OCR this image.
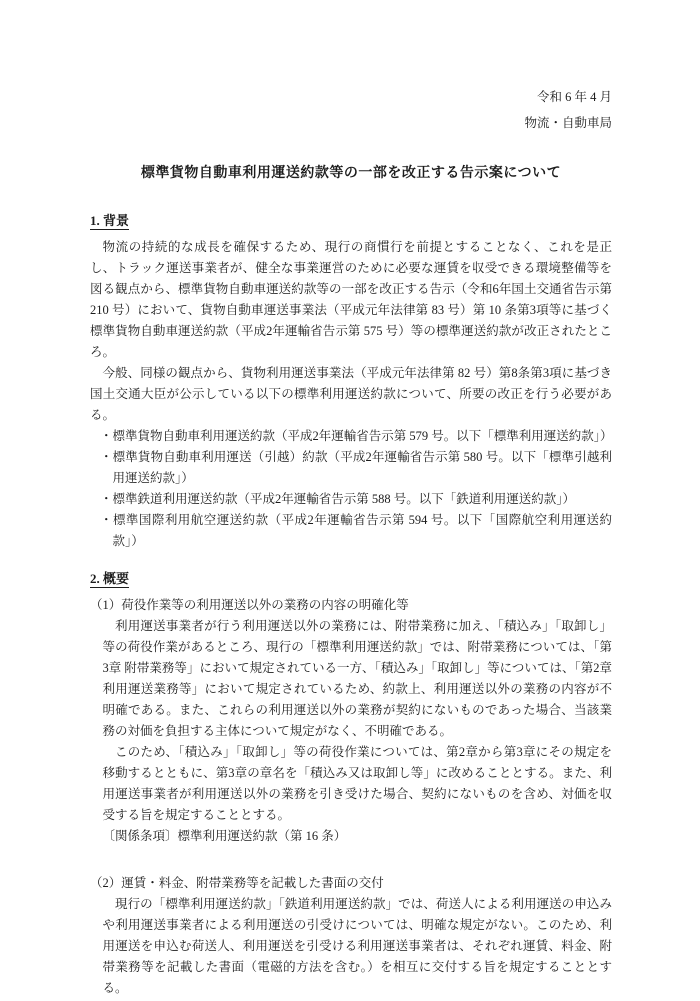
令和 6 年 4 月
物流・自動車局
標準貨物自動車利用運送約款等の一部を改正する告示案について
1. 背景

物流の持続的な成長を確保するため、現行の商慣行を前提とすることなく、これを是正し、トラック運送事業者が、健全な事業運営のために必要な運賃を収受できる環境整備等を図る観点から、標準貨物自動車運送約款等の一部を改正する告示（令和6年国土交通省告示第 210 号）において、貨物自動車運送事業法（平成元年法律第 83 号）第 10 条第3項等に基づく標準貨物自動車運送約款（平成2年運輸省告示第 575 号）等の標準運送約款が改正されたところ。

今般、同様の観点から、貨物利用運送事業法（平成元年法律第 82 号）第8条第3項に基づき国土交通大臣が公示している以下の標準利用運送約款について、所要の改正を行う必要がある。

・標準貨物自動車利用運送約款（平成2年運輸省告示第 579 号。以下「標準利用運送約款」）
・標準貨物自動車利用運送（引越）約款（平成2年運輸省告示第 580 号。以下「標準引越利用運送約款」）
・標準鉄道利用運送約款（平成2年運輸省告示第 588 号。以下「鉄道利用運送約款」）
・標準国際利用航空運送約款（平成2年運輸省告示第 594 号。以下「国際航空利用運送約款」）
2. 概要
（1）荷役作業等の利用運送以外の業務の内容の明確化等

利用運送事業者が行う利用運送以外の業務には、附帯業務に加え、「積込み」「取卸し」等の荷役作業があるところ、現行の「標準利用運送約款」では、附帯業務については、「第3章 附帯業務等」において規定されている一方、「積込み」「取卸し」等については、「第2章 利用運送業務等」において規定されているため、約款上、利用運送以外の業務の内容が不明確である。また、これらの利用運送以外の業務が契約にないものであった場合、当該業務の対価を負担する主体について規定がなく、不明確である。

このため、「積込み」「取卸し」等の荷役作業については、第2章から第3章にその規定を移動するとともに、第3章の章名を「積込み又は取卸し等」に改めることとする。また、利用運送事業者が利用運送以外の業務を引き受けた場合、契約にないものを含め、対価を収受する旨を規定することとする。

〔関係条項〕標準利用運送約款（第 16 条）
（2）運賃・料金、附帯業務等を記載した書面の交付

現行の「標準利用運送約款」「鉄道利用運送約款」では、荷送人による利用運送の申込みや利用運送事業者による利用運送の引受けについては、明確な規定がない。このため、利用運送を申込む荷送人、利用運送を引受ける利用運送事業者は、それぞれ運賃、料金、附帯業務等を記載した書面（電磁的方法を含む。）を相互に交付する旨を規定することとする。
